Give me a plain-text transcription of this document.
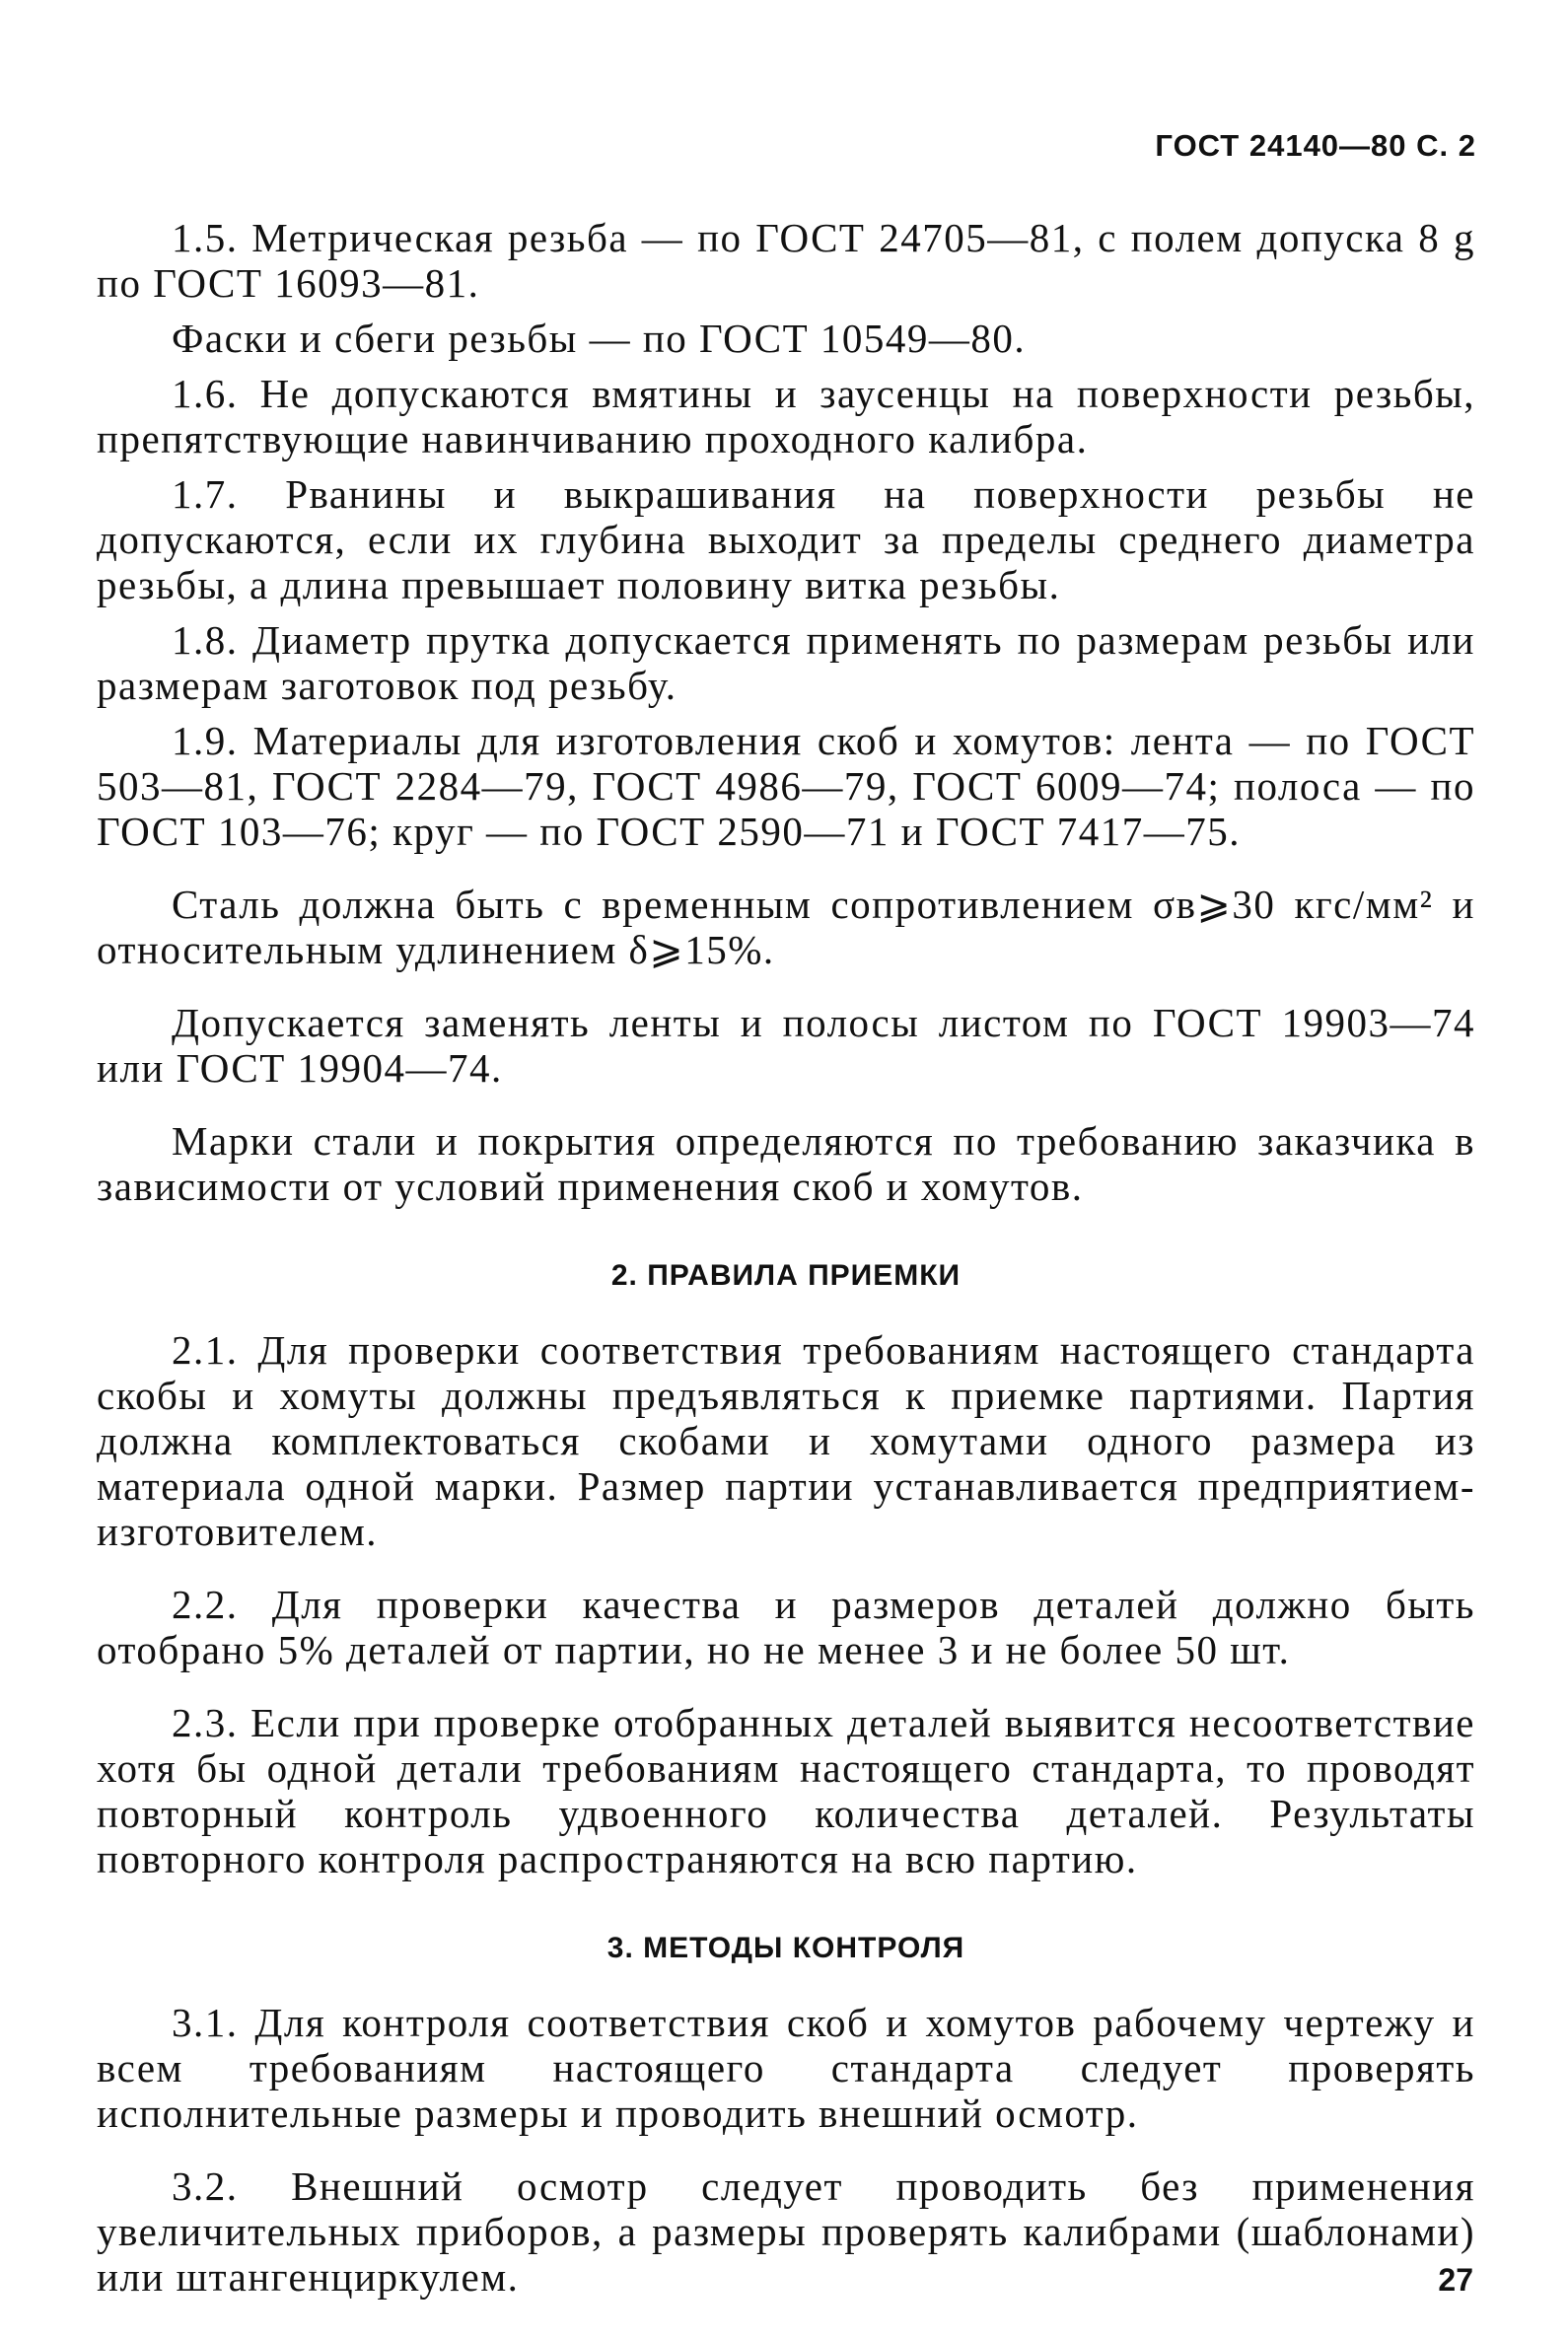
ГОСТ 24140—80 С. 2

1.5. Метрическая резьба — по ГОСТ 24705—81, с полем допуска 8 g по ГОСТ 16093—81.

Фаски и сбеги резьбы — по ГОСТ 10549—80.

1.6. Не допускаются вмятины и заусенцы на поверхности резьбы, препятствующие навинчиванию проходного калибра.

1.7. Рванины и выкрашивания на поверхности резьбы не допускаются, если их глубина выходит за пределы среднего диаметра резьбы, а длина превышает половину витка резьбы.

1.8. Диаметр прутка допускается применять по размерам резьбы или размерам заготовок под резьбу.

1.9. Материалы для изготовления скоб и хомутов: лента — по ГОСТ 503—81, ГОСТ 2284—79, ГОСТ 4986—79, ГОСТ 6009—74; полоса — по ГОСТ 103—76; круг — по ГОСТ 2590—71 и ГОСТ 7417—75.

Сталь должна быть с временным сопротивлением σв⩾30 кгс/мм² и относительным удлинением δ⩾15%.

Допускается заменять ленты и полосы листом по ГОСТ 19903—74 или ГОСТ 19904—74.

Марки стали и покрытия определяются по требованию заказчика в зависимости от условий применения скоб и хомутов.

2. ПРАВИЛА ПРИЕМКИ

2.1. Для проверки соответствия требованиям настоящего стандарта скобы и хомуты должны предъявляться к приемке партиями. Партия должна комплектоваться скобами и хомутами одного размера из материала одной марки. Размер партии устанавливается предприятием-изготовителем.

2.2. Для проверки качества и размеров деталей должно быть отобрано 5% деталей от партии, но не менее 3 и не более 50 шт.

2.3. Если при проверке отобранных деталей выявится несоответствие хотя бы одной детали требованиям настоящего стандарта, то проводят повторный контроль удвоенного количества деталей. Результаты повторного контроля распространяются на всю партию.

3. МЕТОДЫ КОНТРОЛЯ

3.1. Для контроля соответствия скоб и хомутов рабочему чертежу и всем требованиям настоящего стандарта следует проверять исполнительные размеры и проводить внешний осмотр.

3.2. Внешний осмотр следует проводить без применения увеличительных приборов, а размеры проверять калибрами (шаблонами) или штангенциркулем.	27
